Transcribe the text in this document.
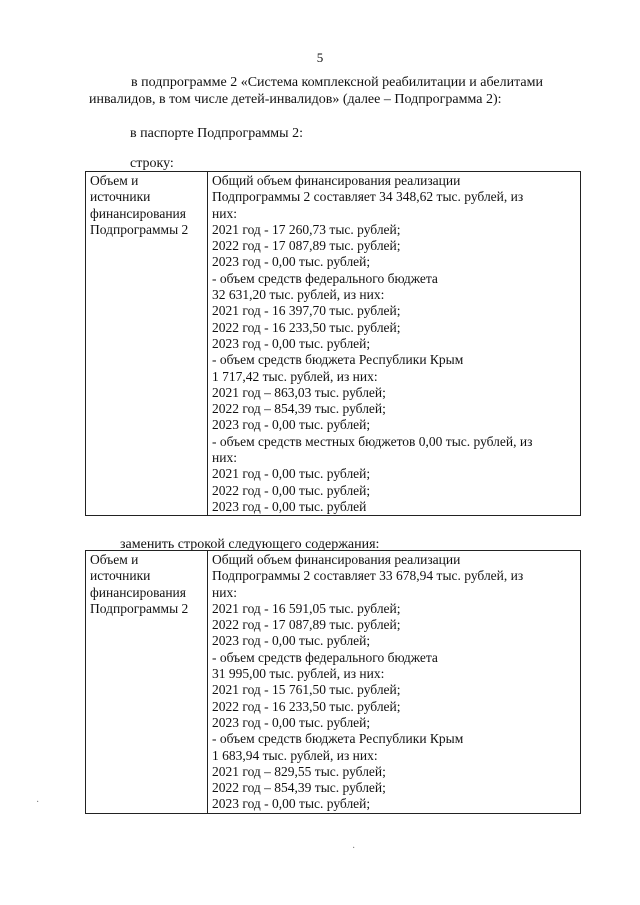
5
в подпрограмме 2 «Система комплексной реабилитации и абелитами
инвалидов, в том числе детей-инвалидов» (далее – Подпрограмма 2):
в паспорте Подпрограммы 2:
строку:
Объем и
источники
финансирования
Подпрограммы 2

Общий объем финансирования реализации
Подпрограммы 2 составляет 34 348,62 тыс. рублей, из
них:
2021 год - 17 260,73 тыс. рублей;
2022 год - 17 087,89 тыс. рублей;
2023 год - 0,00 тыс. рублей;
- объем средств федерального бюджета
32 631,20 тыс. рублей, из них:
2021 год - 16 397,70 тыс. рублей;
2022 год - 16 233,50 тыс. рублей;
2023 год - 0,00 тыс. рублей;
- объем средств бюджета Республики Крым
1 717,42 тыс. рублей, из них:
2021 год – 863,03 тыс. рублей;
2022 год – 854,39 тыс. рублей;
2023 год - 0,00 тыс. рублей;
- объем средств местных бюджетов 0,00 тыс. рублей, из
них:
2021 год - 0,00 тыс. рублей;
2022 год - 0,00 тыс. рублей;
2023 год - 0,00 тыс. рублей
заменить строкой следующего содержания:
Объем и
источники
финансирования
Подпрограммы 2

Общий объем финансирования реализации
Подпрограммы 2 составляет 33 678,94 тыс. рублей, из
них:
2021 год - 16 591,05 тыс. рублей;
2022 год - 17 087,89 тыс. рублей;
2023 год - 0,00 тыс. рублей;
- объем средств федерального бюджета
31 995,00 тыс. рублей, из них:
2021 год - 15 761,50 тыс. рублей;
2022 год - 16 233,50 тыс. рублей;
2023 год - 0,00 тыс. рублей;
- объем средств бюджета Республики Крым
1 683,94 тыс. рублей, из них:
2021 год – 829,55 тыс. рублей;
2022 год – 854,39 тыс. рублей;
2023 год - 0,00 тыс. рублей;
·
·
